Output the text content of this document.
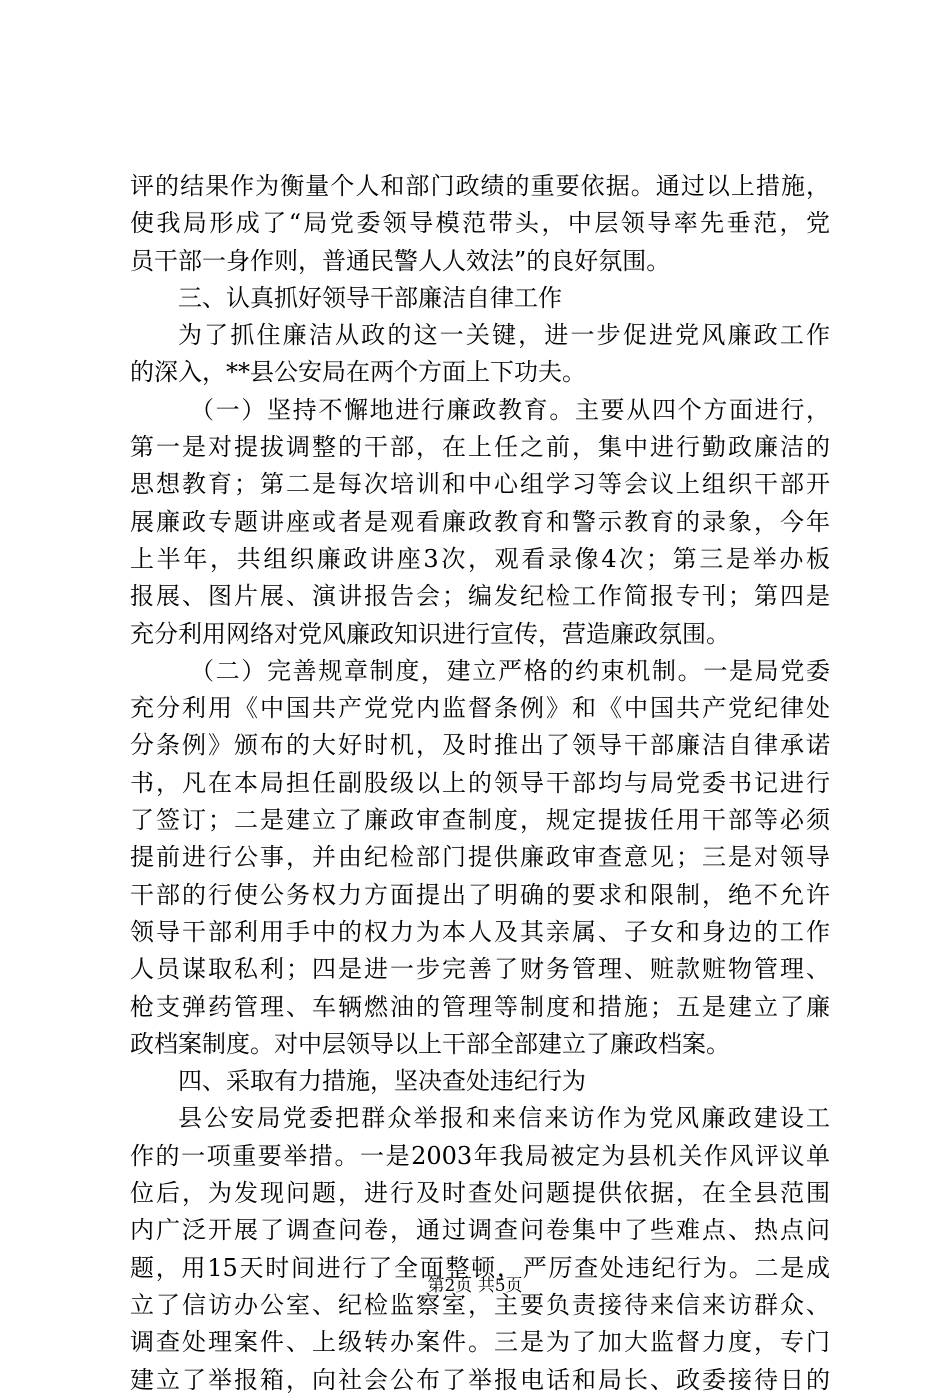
评的结果作为衡量个人和部门政绩的重要依据。通过以上措施，
使我局形成了“局党委领导模范带头，中层领导率先垂范，党
员干部一身作则，普通民警人人效法”的良好氛围。
三、认真抓好领导干部廉洁自律工作
为了抓住廉洁从政的这一关键，进一步促进党风廉政工作
的深入，**县公安局在两个方面上下功夫。
（一）坚持不懈地进行廉政教育。主要从四个方面进行，
第一是对提拔调整的干部，在上任之前，集中进行勤政廉洁的
思想教育；第二是每次培训和中心组学习等会议上组织干部开
展廉政专题讲座或者是观看廉政教育和警示教育的录象，今年
上半年，共组织廉政讲座3次，观看录像4次；第三是举办板
报展、图片展、演讲报告会；编发纪检工作简报专刊；第四是
充分利用网络对党风廉政知识进行宣传，营造廉政氛围。
（二）完善规章制度，建立严格的约束机制。一是局党委
充分利用《中国共产党党内监督条例》和《中国共产党纪律处
分条例》颁布的大好时机，及时推出了领导干部廉洁自律承诺
书，凡在本局担任副股级以上的领导干部均与局党委书记进行
了签订；二是建立了廉政审查制度，规定提拔任用干部等必须
提前进行公事，并由纪检部门提供廉政审查意见；三是对领导
干部的行使公务权力方面提出了明确的要求和限制，绝不允许
领导干部利用手中的权力为本人及其亲属、子女和身边的工作
人员谋取私利；四是进一步完善了财务管理、赃款赃物管理、
枪支弹药管理、车辆燃油的管理等制度和措施；五是建立了廉
政档案制度。对中层领导以上干部全部建立了廉政档案。
四、采取有力措施，坚决查处违纪行为
县公安局党委把群众举报和来信来访作为党风廉政建设工
作的一项重要举措。一是2003年我局被定为县机关作风评议单
位后，为发现问题，进行及时查处问题提供依据，在全县范围
内广泛开展了调查问卷，通过调查问卷集中了些难点、热点问
题，用15天时间进行了全面整顿，严厉查处违纪行为。二是成
立了信访办公室、纪检监察室，主要负责接待来信来访群众、
调查处理案件、上级转办案件。三是为了加大监督力度，专门
建立了举报箱，向社会公布了举报电话和局长、政委接待日的
第2页 共5页
